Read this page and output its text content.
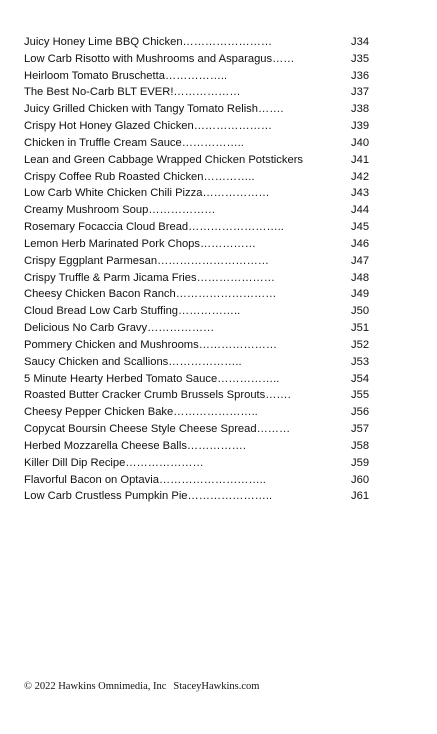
Juicy Honey Lime BBQ Chicken……………………	J34
Low Carb Risotto with Mushrooms and Asparagus……	J35
Heirloom Tomato Bruschetta……………..	J36
The Best No-Carb BLT EVER!………………	J37
Juicy Grilled Chicken with Tangy Tomato Relish…….	J38
Crispy Hot Honey Glazed Chicken…………………	J39
Chicken in Truffle Cream Sauce……………..	J40
Lean and Green Cabbage Wrapped Chicken Potstickers	J41
Crispy Coffee Rub Roasted Chicken…………..	J42
Low Carb White Chicken Chili Pizza………………	J43
Creamy Mushroom Soup………………	J44
Rosemary Focaccia Cloud Bread……………………..	J45
Lemon Herb Marinated Pork Chops……………	J46
Crispy Eggplant Parmesan…………………………	J47
Crispy Truffle & Parm Jicama Fries…………………	J48
Cheesy Chicken Bacon Ranch………………………	J49
Cloud Bread Low Carb Stuffing……………..	J50
Delicious No Carb Gravy………………	J51
Pommery Chicken and Mushrooms…………………	J52
Saucy Chicken and Scallions………………..	J53
5 Minute Hearty Herbed Tomato Sauce……………..	J54
Roasted Butter Cracker Crumb Brussels Sprouts…….	J55
Cheesy Pepper Chicken Bake…………………..	J56
Copycat Boursin Cheese Style Cheese Spread………	J57
Herbed Mozzarella Cheese Balls…………….	J58
Killer Dill Dip Recipe…………………	J59
Flavorful Bacon on Optavia………………………..	J60
Low Carb Crustless Pumpkin Pie…………………..	J61
© 2022 Hawkins Omnimedia, Inc StaceyHawkins.com
